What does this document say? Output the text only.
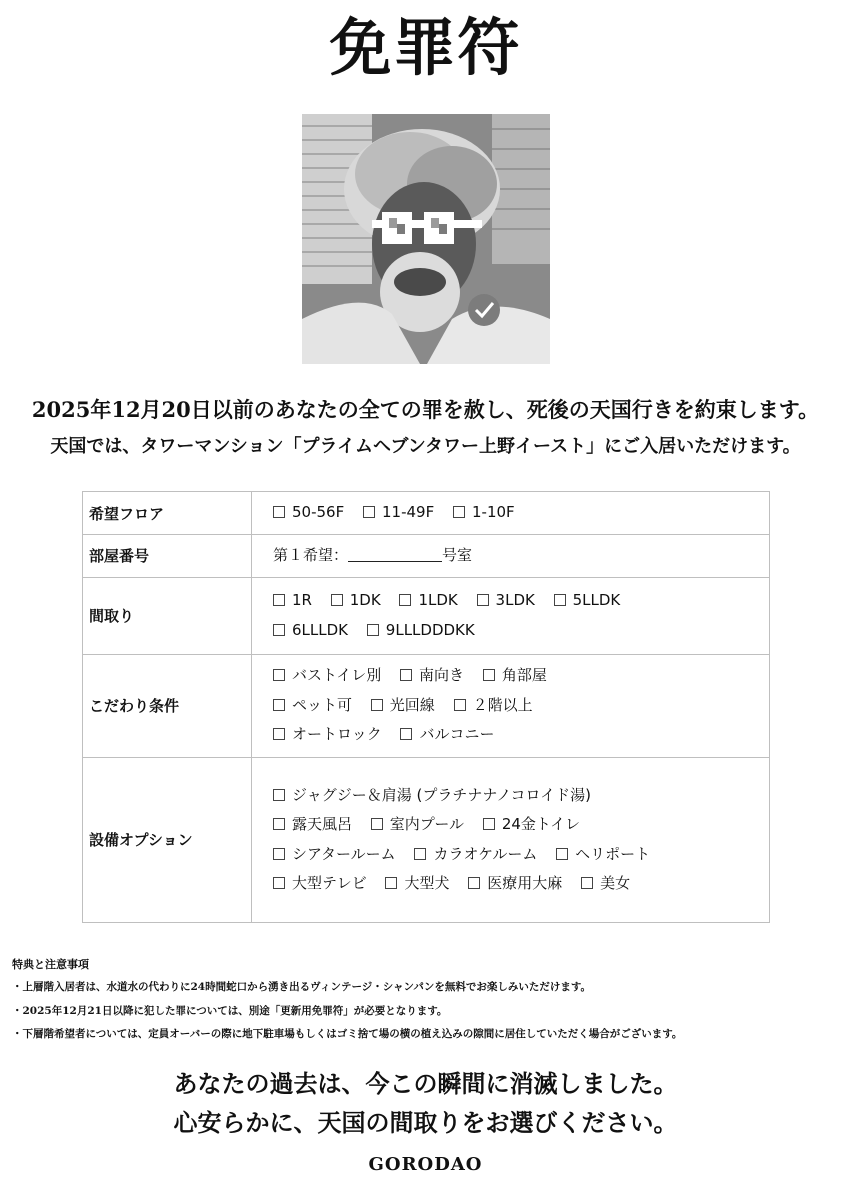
免罪符
2025年12月20日以前のあなたの全ての罪を赦し、死後の天国行きを約束します。
天国では、タワーマンション「プライムヘブンタワー上野イースト」にご入居いただけます。
希望フロア	50-56F 11-49F 1-10F

部屋番号	第１希望： 号室

間取り	1R 1DK 1LDK 3LDK 5LLDK
6LLLDK 9LLLDDDKK

こだわり条件	バストイレ別 南向き 角部屋
ペット可 光回線 ２階以上
オートロック バルコニー

設備オプション	ジャグジー＆肩湯 (プラチナナノコロイド湯)
露天風呂 室内プール 24金トイレ
シアタールーム カラオケルーム ヘリポート
大型テレビ 大型犬 医療用大麻 美女
特典と注意事項
・上層階入居者は、水道水の代わりに24時間蛇口から湧き出るヴィンテージ・シャンパンを無料でお楽しみいただけます。
・2025年12月21日以降に犯した罪については、別途「更新用免罪符」が必要となります。
・下層階希望者については、定員オーバーの際に地下駐車場もしくはゴミ捨て場の横の植え込みの隙間に居住していただく場合がございます。
あなたの過去は、今この瞬間に消滅しました。
心安らかに、天国の間取りをお選びください。
GORODAO
